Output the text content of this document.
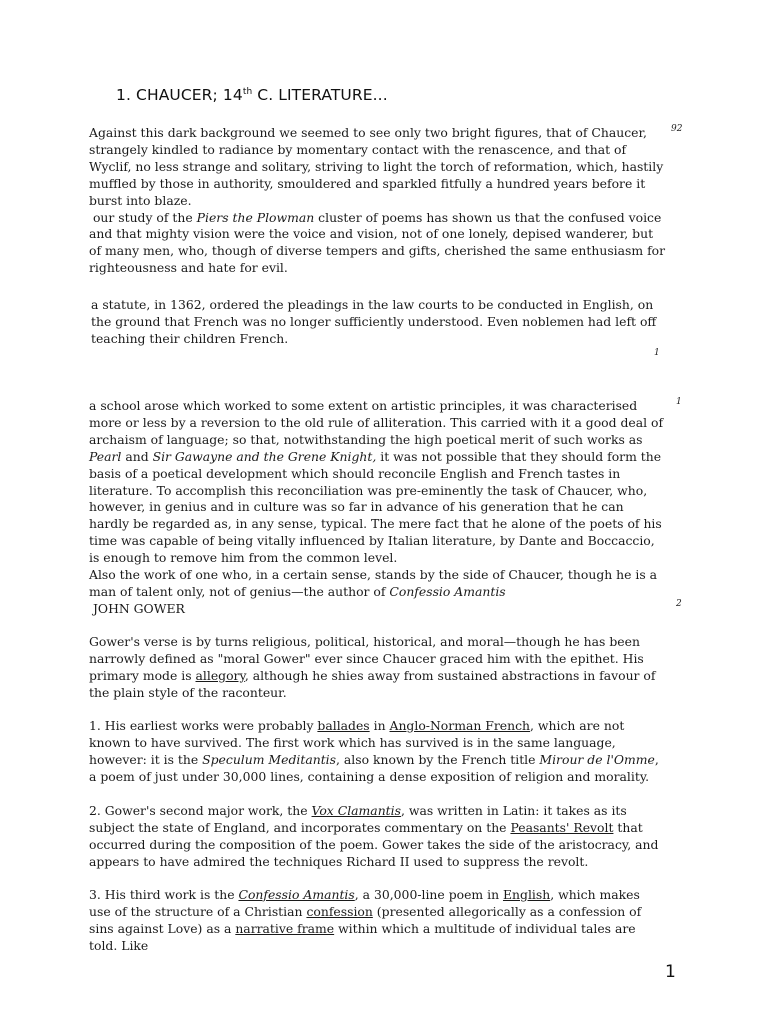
1. CHAUCER; 14th C. LITERATURE...
92

Against this dark background we seemed to see only two bright figures, that of Chaucer, strangely kindled to radiance by momentary contact with the renascence, and that of Wyclif, no less strange and solitary, striving to light the torch of reformation, which, hastily muffled by those in authority, smouldered and sparkled fitfully a hundred years before it burst into blaze.

our study of the Piers the Plowman cluster of poems has shown us that the confused voice and that mighty vision were the voice and vision, not of one lonely, depised wanderer, but of many men, who, though of diverse tempers and gifts, cherished the same enthusiasm for righteousness and hate for evil.

a statute, in 1362, ordered the pleadings in the law courts to be conducted in English, on the ground that French was no longer sufficiently understood. Even noblemen had left off teaching their children French.

1
1

a school arose which worked to some extent on artistic principles, it was characterised more or less by a reversion to the old rule of alliteration. This carried with it a good deal of archaism of language; so that, notwithstanding the high poetical merit of such works as Pearl and Sir Gawayne and the Grene Knight, it was not possible that they should form the basis of a poetical development which should reconcile English and French tastes in literature. To accomplish this reconciliation was pre-eminently the task of Chaucer, who, however, in genius and in culture was so far in advance of his generation that he can hardly be regarded as, in any sense, typical. The mere fact that he alone of the poets of his time was capable of being vitally influenced by Italian literature, by Dante and Boccaccio, is enough to remove him from the common level.

Also the work of one who, in a certain sense, stands by the side of Chaucer, though he is a man of talent only, not of genius—the author of Confessio Amantis

JOHN GOWER	2

Gower's verse is by turns religious, political, historical, and moral—though he has been narrowly defined as "moral Gower" ever since Chaucer graced him with the epithet. His primary mode is allegory, although he shies away from sustained abstractions in favour of the plain style of the raconteur.

1. His earliest works were probably ballades in Anglo-Norman French, which are not known to have survived. The first work which has survived is in the same language, however: it is the Speculum Meditantis, also known by the French title Mirour de l'Omme, a poem of just under 30,000 lines, containing a dense exposition of religion and morality.

2. Gower's second major work, the Vox Clamantis, was written in Latin: it takes as its subject the state of England, and incorporates commentary on the Peasants' Revolt that occurred during the composition of the poem. Gower takes the side of the aristocracy, and appears to have admired the techniques Richard II used to suppress the revolt.

3. His third work is the Confessio Amantis, a 30,000-line poem in English, which makes use of the structure of a Christian confession (presented allegorically as a confession of sins against Love) as a narrative frame within which a multitude of individual tales are told. Like

1
